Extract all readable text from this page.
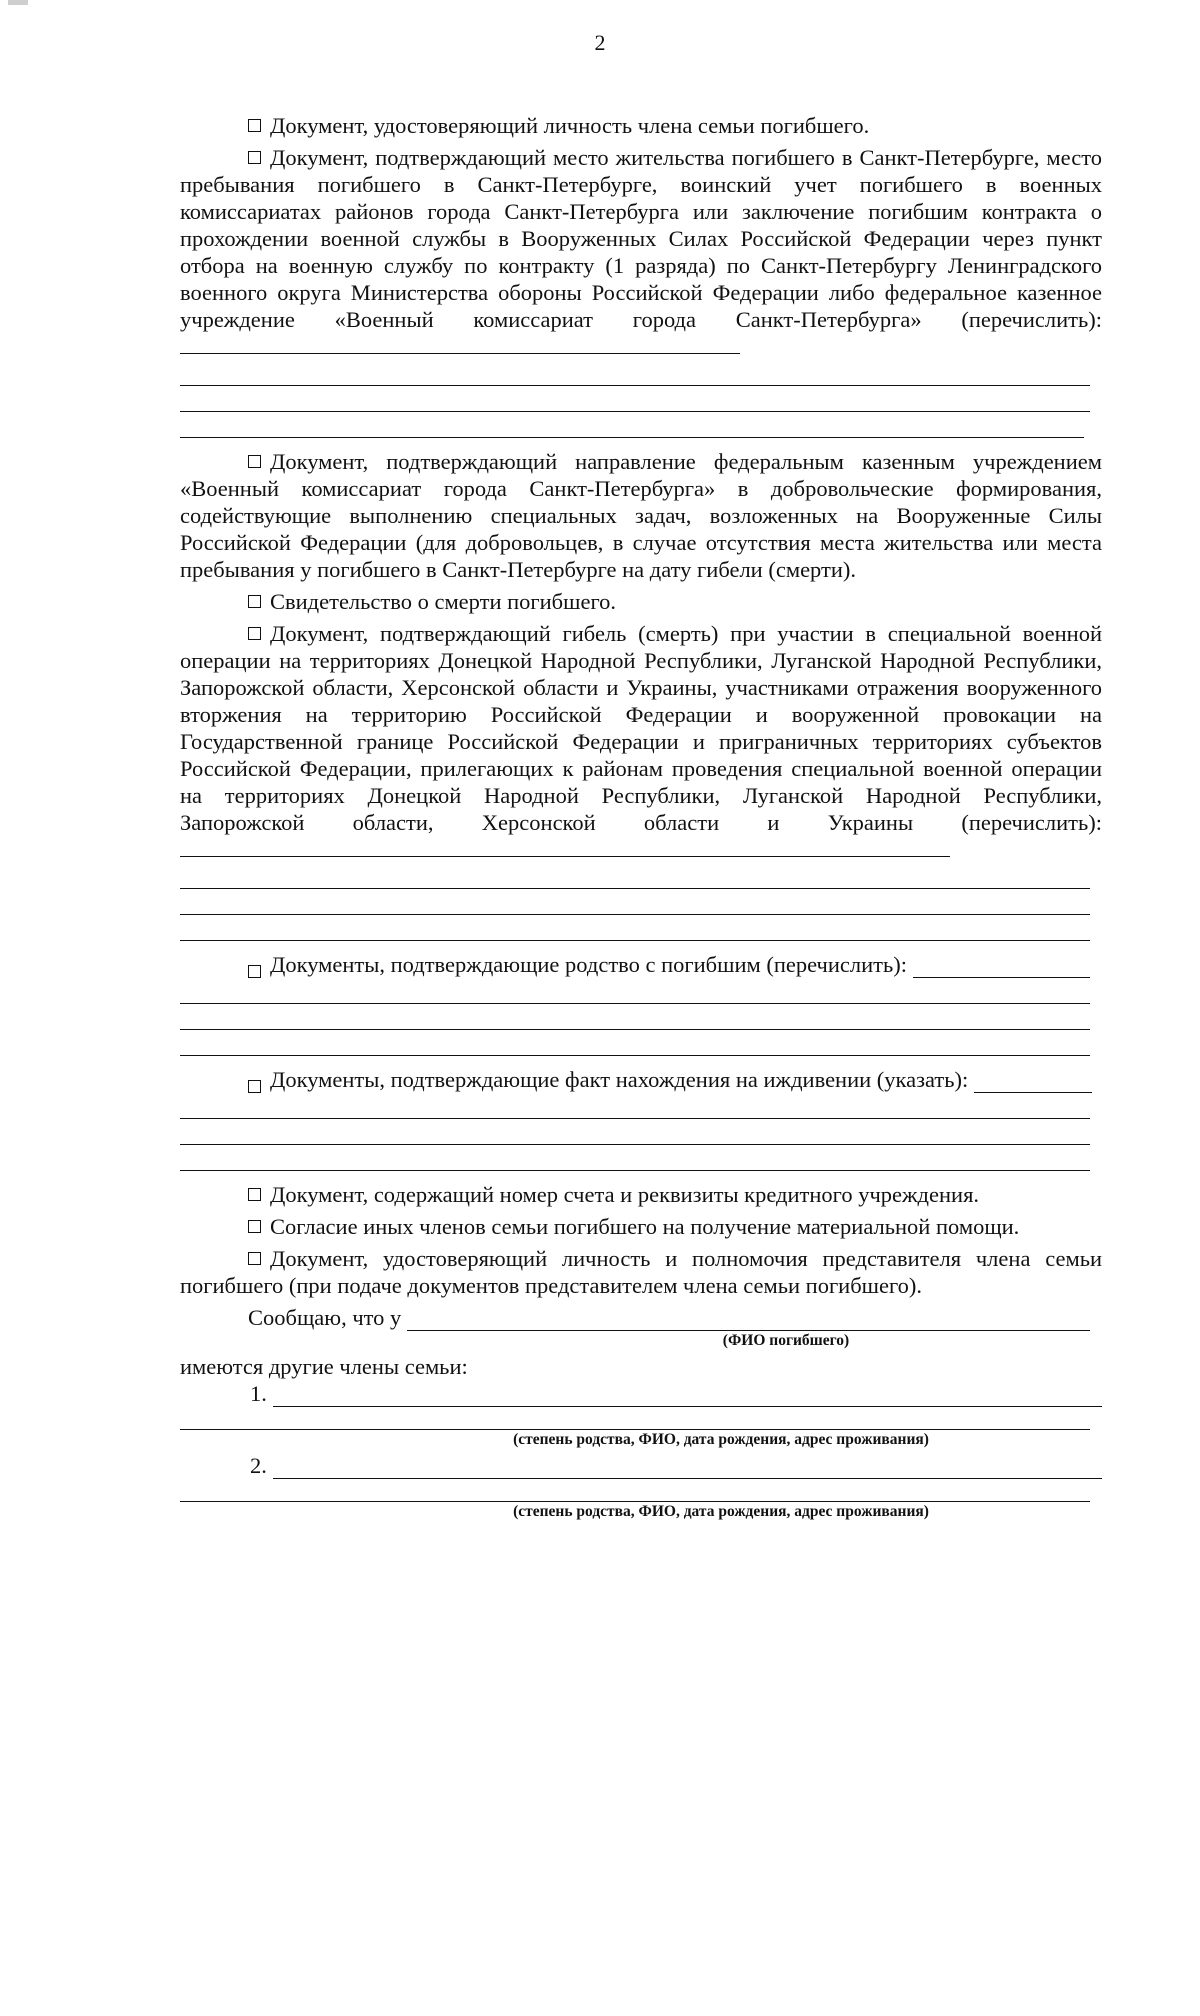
2

Документ, удостоверяющий личность члена семьи погибшего.

Документ, подтверждающий место жительства погибшего в Санкт-Петербурге, место пребывания погибшего в Санкт-Петербурге, воинский учет погибшего в военных комиссариатах районов города Санкт-Петербурга или заключение погибшим контракта о прохождении военной службы в Вооруженных Силах Российской Федерации через пункт отбора на военную службу по контракту (1 разряда) по Санкт-Петербургу Ленинградского военного округа Министерства обороны Российской Федерации либо федеральное казенное учреждение «Военный комиссариат города Санкт-Петербурга» (перечислить):

Документ, подтверждающий направление федеральным казенным учреждением «Военный комиссариат города Санкт-Петербурга» в добровольческие формирования, содействующие выполнению специальных задач, возложенных на Вооруженные Силы Российской Федерации (для добровольцев, в случае отсутствия места жительства или места пребывания у погибшего в Санкт-Петербурге на дату гибели (смерти).

Свидетельство о смерти погибшего.

Документ, подтверждающий гибель (смерть) при участии в специальной военной операции на территориях Донецкой Народной Республики, Луганской Народной Республики, Запорожской области, Херсонской области и Украины, участниками отражения вооруженного вторжения на территорию Российской Федерации и вооруженной провокации на Государственной границе Российской Федерации и приграничных территориях субъектов Российской Федерации, прилегающих к районам проведения специальной военной операции на территориях Донецкой Народной Республики, Луганской Народной Республики, Запорожской области, Херсонской области и Украины (перечислить):

Документы, подтверждающие родство с погибшим (перечислить):
Документы, подтверждающие факт нахождения на иждивении (указать):

Документ, содержащий номер счета и реквизиты кредитного учреждения.

Согласие иных членов семьи погибшего на получение материальной помощи.

Документ, удостоверяющий личность и полномочия представителя члена семьи погибшего (при подаче документов представителем члена семьи погибшего).

Сообщаю, что у
(ФИО погибшего)
имеются другие члены семьи:
1.
(степень родства, ФИО, дата рождения, адрес проживания)
2.
(степень родства, ФИО, дата рождения, адрес проживания)
